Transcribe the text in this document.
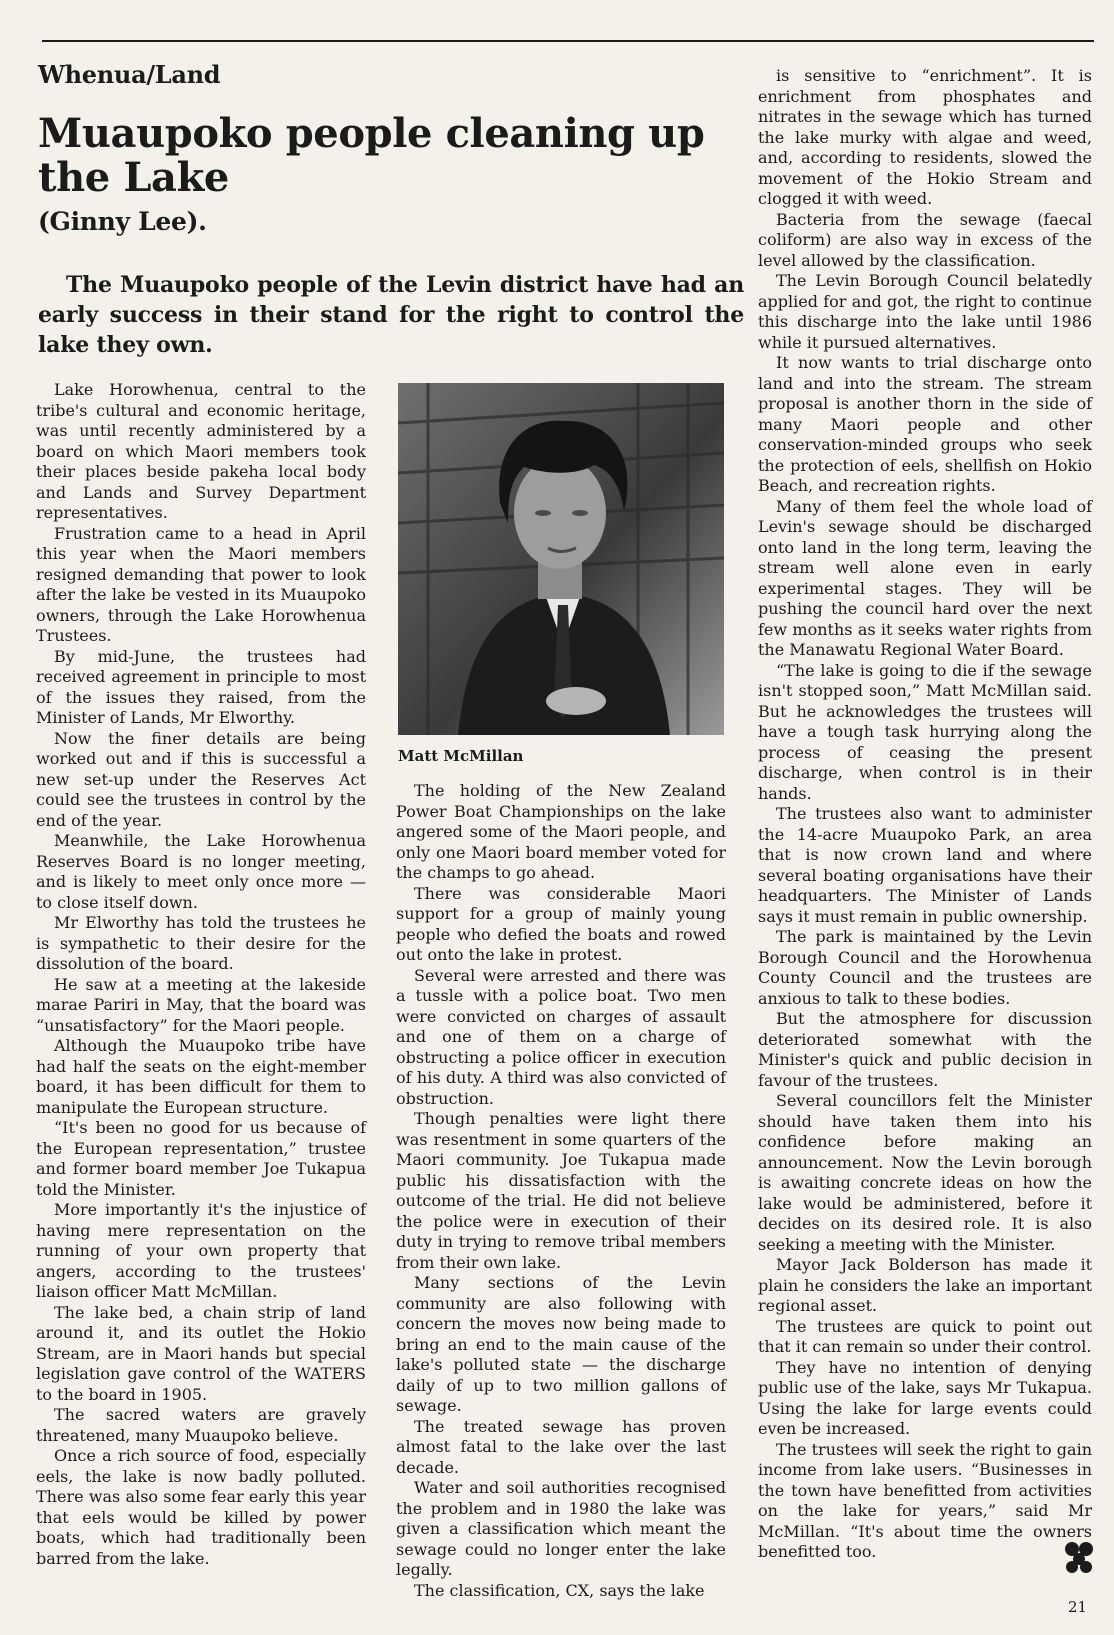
Whenua/Land
Muaupoko people cleaning up the Lake
(Ginny Lee).

The Muaupoko people of the Levin district have had an early success in their stand for the right to control the lake they own.

Lake Horowhenua, central to the tribe's cultural and economic heritage, was until recently administered by a board on which Maori members took their places beside pakeha local body and Lands and Survey Department representatives.

Frustration came to a head in April this year when the Maori members resigned demanding that power to look after the lake be vested in its Muaupoko owners, through the Lake Horowhenua Trustees.

By mid-June, the trustees had received agreement in principle to most of the issues they raised, from the Minister of Lands, Mr Elworthy.

Now the finer details are being worked out and if this is successful a new set-up under the Reserves Act could see the trustees in control by the end of the year.

Meanwhile, the Lake Horowhenua Reserves Board is no longer meeting, and is likely to meet only once more — to close itself down.

Mr Elworthy has told the trustees he is sympathetic to their desire for the dissolution of the board.

He saw at a meeting at the lakeside marae Pariri in May, that the board was “unsatisfactory” for the Maori people.

Although the Muaupoko tribe have had half the seats on the eight-member board, it has been difficult for them to manipulate the European structure.

“It's been no good for us because of the European representation,” trustee and former board member Joe Tukapua told the Minister.

More importantly it's the injustice of having mere representation on the running of your own property that angers, according to the trustees' liaison officer Matt McMillan.

The lake bed, a chain strip of land around it, and its outlet the Hokio Stream, are in Maori hands but special legislation gave control of the WATERS to the board in 1905.

The sacred waters are gravely threatened, many Muaupoko believe.

Once a rich source of food, especially eels, the lake is now badly polluted. There was also some fear early this year that eels would be killed by power boats, which had traditionally been barred from the lake.

Matt McMillan

The holding of the New Zealand Power Boat Championships on the lake angered some of the Maori people, and only one Maori board member voted for the champs to go ahead.

There was considerable Maori support for a group of mainly young people who defied the boats and rowed out onto the lake in protest.

Several were arrested and there was a tussle with a police boat. Two men were convicted on charges of assault and one of them on a charge of obstructing a police officer in execution of his duty. A third was also convicted of obstruction.

Though penalties were light there was resentment in some quarters of the Maori community. Joe Tukapua made public his dissatisfaction with the outcome of the trial. He did not believe the police were in execution of their duty in trying to remove tribal members from their own lake.

Many sections of the Levin community are also following with concern the moves now being made to bring an end to the main cause of the lake's polluted state — the discharge daily of up to two million gallons of sewage.

The treated sewage has proven almost fatal to the lake over the last decade.

Water and soil authorities recognised the problem and in 1980 the lake was given a classification which meant the sewage could no longer enter the lake legally.

The classification, CX, says the lake

is sensitive to “enrichment”. It is enrichment from phosphates and nitrates in the sewage which has turned the lake murky with algae and weed, and, according to residents, slowed the movement of the Hokio Stream and clogged it with weed.

Bacteria from the sewage (faecal coliform) are also way in excess of the level allowed by the classification.

The Levin Borough Council belatedly applied for and got, the right to continue this discharge into the lake until 1986 while it pursued alternatives.

It now wants to trial discharge onto land and into the stream. The stream proposal is another thorn in the side of many Maori people and other conservation-minded groups who seek the protection of eels, shellfish on Hokio Beach, and recreation rights.

Many of them feel the whole load of Levin's sewage should be discharged onto land in the long term, leaving the stream well alone even in early experimental stages. They will be pushing the council hard over the next few months as it seeks water rights from the Manawatu Regional Water Board.

“The lake is going to die if the sewage isn't stopped soon,” Matt McMillan said. But he acknowledges the trustees will have a tough task hurrying along the process of ceasing the present discharge, when control is in their hands.

The trustees also want to administer the 14-acre Muaupoko Park, an area that is now crown land and where several boating organisations have their headquarters. The Minister of Lands says it must remain in public ownership.

The park is maintained by the Levin Borough Council and the Horowhenua County Council and the trustees are anxious to talk to these bodies.

But the atmosphere for discussion deteriorated somewhat with the Minister's quick and public decision in favour of the trustees.

Several councillors felt the Minister should have taken them into his confidence before making an announcement. Now the Levin borough is awaiting concrete ideas on how the lake would be administered, before it decides on its desired role. It is also seeking a meeting with the Minister.

Mayor Jack Bolderson has made it plain he considers the lake an important regional asset.

The trustees are quick to point out that it can remain so under their control.

They have no intention of denying public use of the lake, says Mr Tukapua. Using the lake for large events could even be increased.

The trustees will seek the right to gain income from lake users. “Businesses in the town have benefitted from activities on the lake for years,” said Mr McMillan. “It's about time the owners benefitted too.

21
